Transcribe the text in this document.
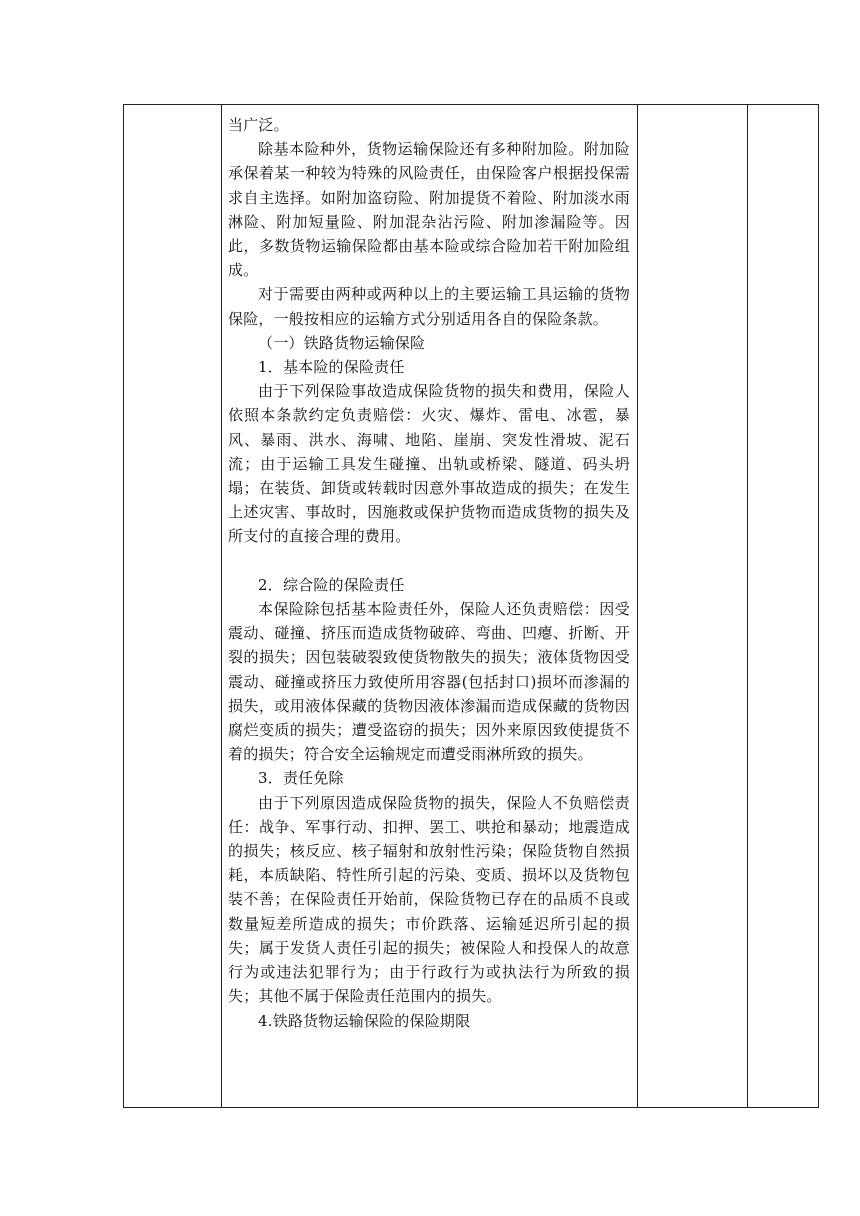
当广泛。

除基本险种外，货物运输保险还有多种附加险。附加险承保着某一种较为特殊的风险责任，由保险客户根据投保需求自主选择。如附加盗窃险、附加提货不着险、附加淡水雨淋险、附加短量险、附加混杂沾污险、附加渗漏险等。因此，多数货物运输保险都由基本险或综合险加若干附加险组成。

对于需要由两种或两种以上的主要运输工具运输的货物保险，一般按相应的运输方式分别适用各自的保险条款。

（一）铁路货物运输保险

1．基本险的保险责任

由于下列保险事故造成保险货物的损失和费用，保险人依照本条款约定负责赔偿：火灾、爆炸、雷电、冰雹，暴风、暴雨、洪水、海啸、地陷、崖崩、突发性滑坡、泥石流；由于运输工具发生碰撞、出轨或桥梁、隧道、码头坍塌；在装货、卸货或转载时因意外事故造成的损失；在发生上述灾害、事故时，因施救或保护货物而造成货物的损失及所支付的直接合理的费用。

2．综合险的保险责任

本保险除包括基本险责任外，保险人还负责赔偿：因受震动、碰撞、挤压而造成货物破碎、弯曲、凹瘪、折断、开裂的损失；因包装破裂致使货物散失的损失；液体货物因受震动、碰撞或挤压力致使所用容器(包括封口)损坏而渗漏的损失，或用液体保藏的货物因液体渗漏而造成保藏的货物因腐烂变质的损失；遭受盗窃的损失；因外来原因致使提货不着的损失；符合安全运输规定而遭受雨淋所致的损失。

3．责任免除

由于下列原因造成保险货物的损失，保险人不负赔偿责任：战争、军事行动、扣押、罢工、哄抢和暴动；地震造成的损失；核反应、核子辐射和放射性污染；保险货物自然损耗，本质缺陷、特性所引起的污染、变质、损坏以及货物包装不善；在保险责任开始前，保险货物已存在的品质不良或数量短差所造成的损失；市价跌落、运输延迟所引起的损失；属于发货人责任引起的损失；被保险人和投保人的故意行为或违法犯罪行为；由于行政行为或执法行为所致的损失；其他不属于保险责任范围内的损失。

4.铁路货物运输保险的保险期限
